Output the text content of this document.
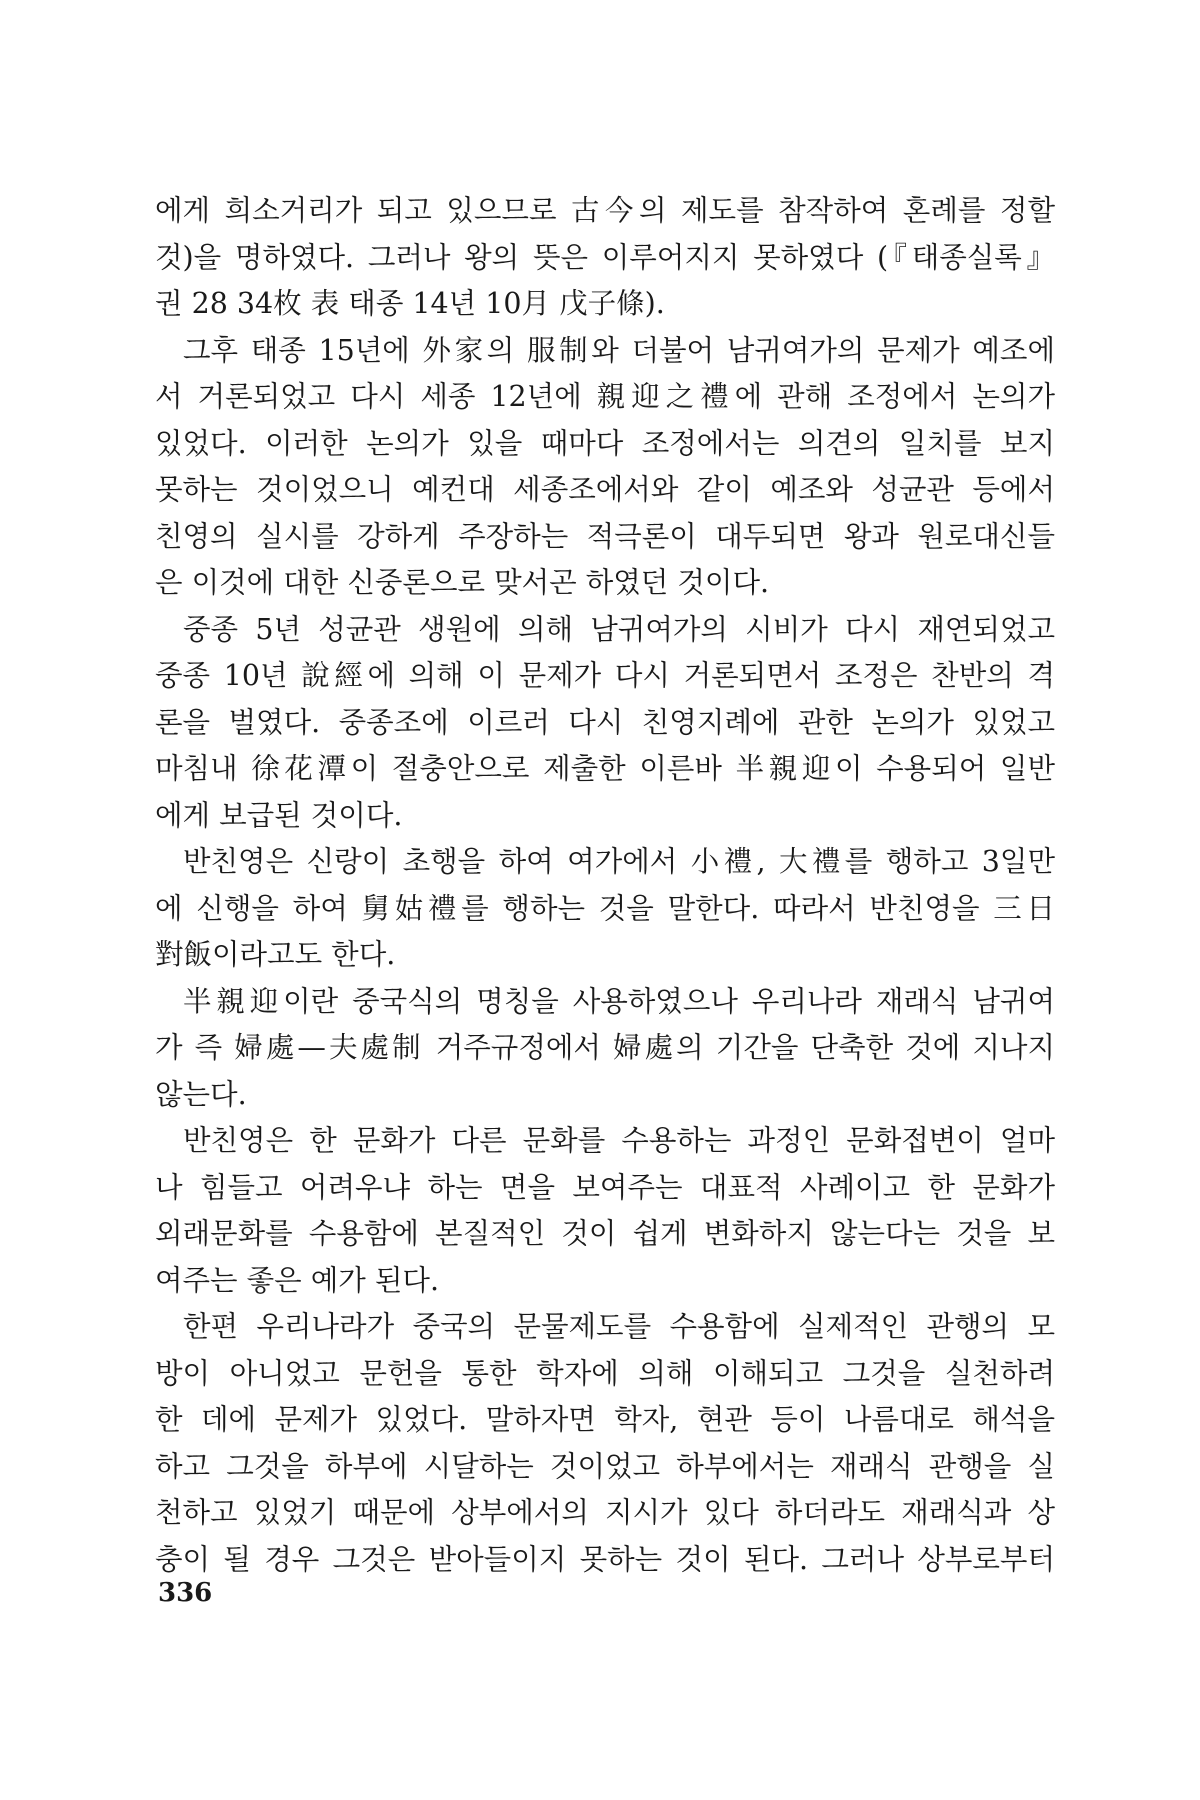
에게 희소거리가 되고 있으므로 古今의 제도를 참작하여 혼례를 정할
것)을 명하였다. 그러나 왕의 뜻은 이루어지지 못하였다 (『태종실록』
권 28 34枚 表 태종 14년 10月 戊子條).
그후 태종 15년에 外家의 服制와 더불어 남귀여가의 문제가 예조에
서 거론되었고 다시 세종 12년에 親迎之禮에 관해 조정에서 논의가
있었다. 이러한 논의가 있을 때마다 조정에서는 의견의 일치를 보지
못하는 것이었으니 예컨대 세종조에서와 같이 예조와 성균관 등에서
친영의 실시를 강하게 주장하는 적극론이 대두되면 왕과 원로대신들
은 이것에 대한 신중론으로 맞서곤 하였던 것이다.
중종 5년 성균관 생원에 의해 남귀여가의 시비가 다시 재연되었고
중종 10년 說經에 의해 이 문제가 다시 거론되면서 조정은 찬반의 격
론을 벌였다. 중종조에 이르러 다시 친영지례에 관한 논의가 있었고
마침내 徐花潭이 절충안으로 제출한 이른바 半親迎이 수용되어 일반
에게 보급된 것이다.
반친영은 신랑이 초행을 하여 여가에서 小禮, 大禮를 행하고 3일만
에 신행을 하여 舅姑禮를 행하는 것을 말한다. 따라서 반친영을 三日
對飯이라고도 한다.
半親迎이란 중국식의 명칭을 사용하였으나 우리나라 재래식 남귀여
가 즉 婦處—夫處制 거주규정에서 婦處의 기간을 단축한 것에 지나지
않는다.
반친영은 한 문화가 다른 문화를 수용하는 과정인 문화접변이 얼마
나 힘들고 어려우냐 하는 면을 보여주는 대표적 사례이고 한 문화가
외래문화를 수용함에 본질적인 것이 쉽게 변화하지 않는다는 것을 보
여주는 좋은 예가 된다.
한편 우리나라가 중국의 문물제도를 수용함에 실제적인 관행의 모
방이 아니었고 문헌을 통한 학자에 의해 이해되고 그것을 실천하려
한 데에 문제가 있었다. 말하자면 학자, 현관 등이 나름대로 해석을
하고 그것을 하부에 시달하는 것이었고 하부에서는 재래식 관행을 실
천하고 있었기 때문에 상부에서의 지시가 있다 하더라도 재래식과 상
충이 될 경우 그것은 받아들이지 못하는 것이 된다. 그러나 상부로부터
336
